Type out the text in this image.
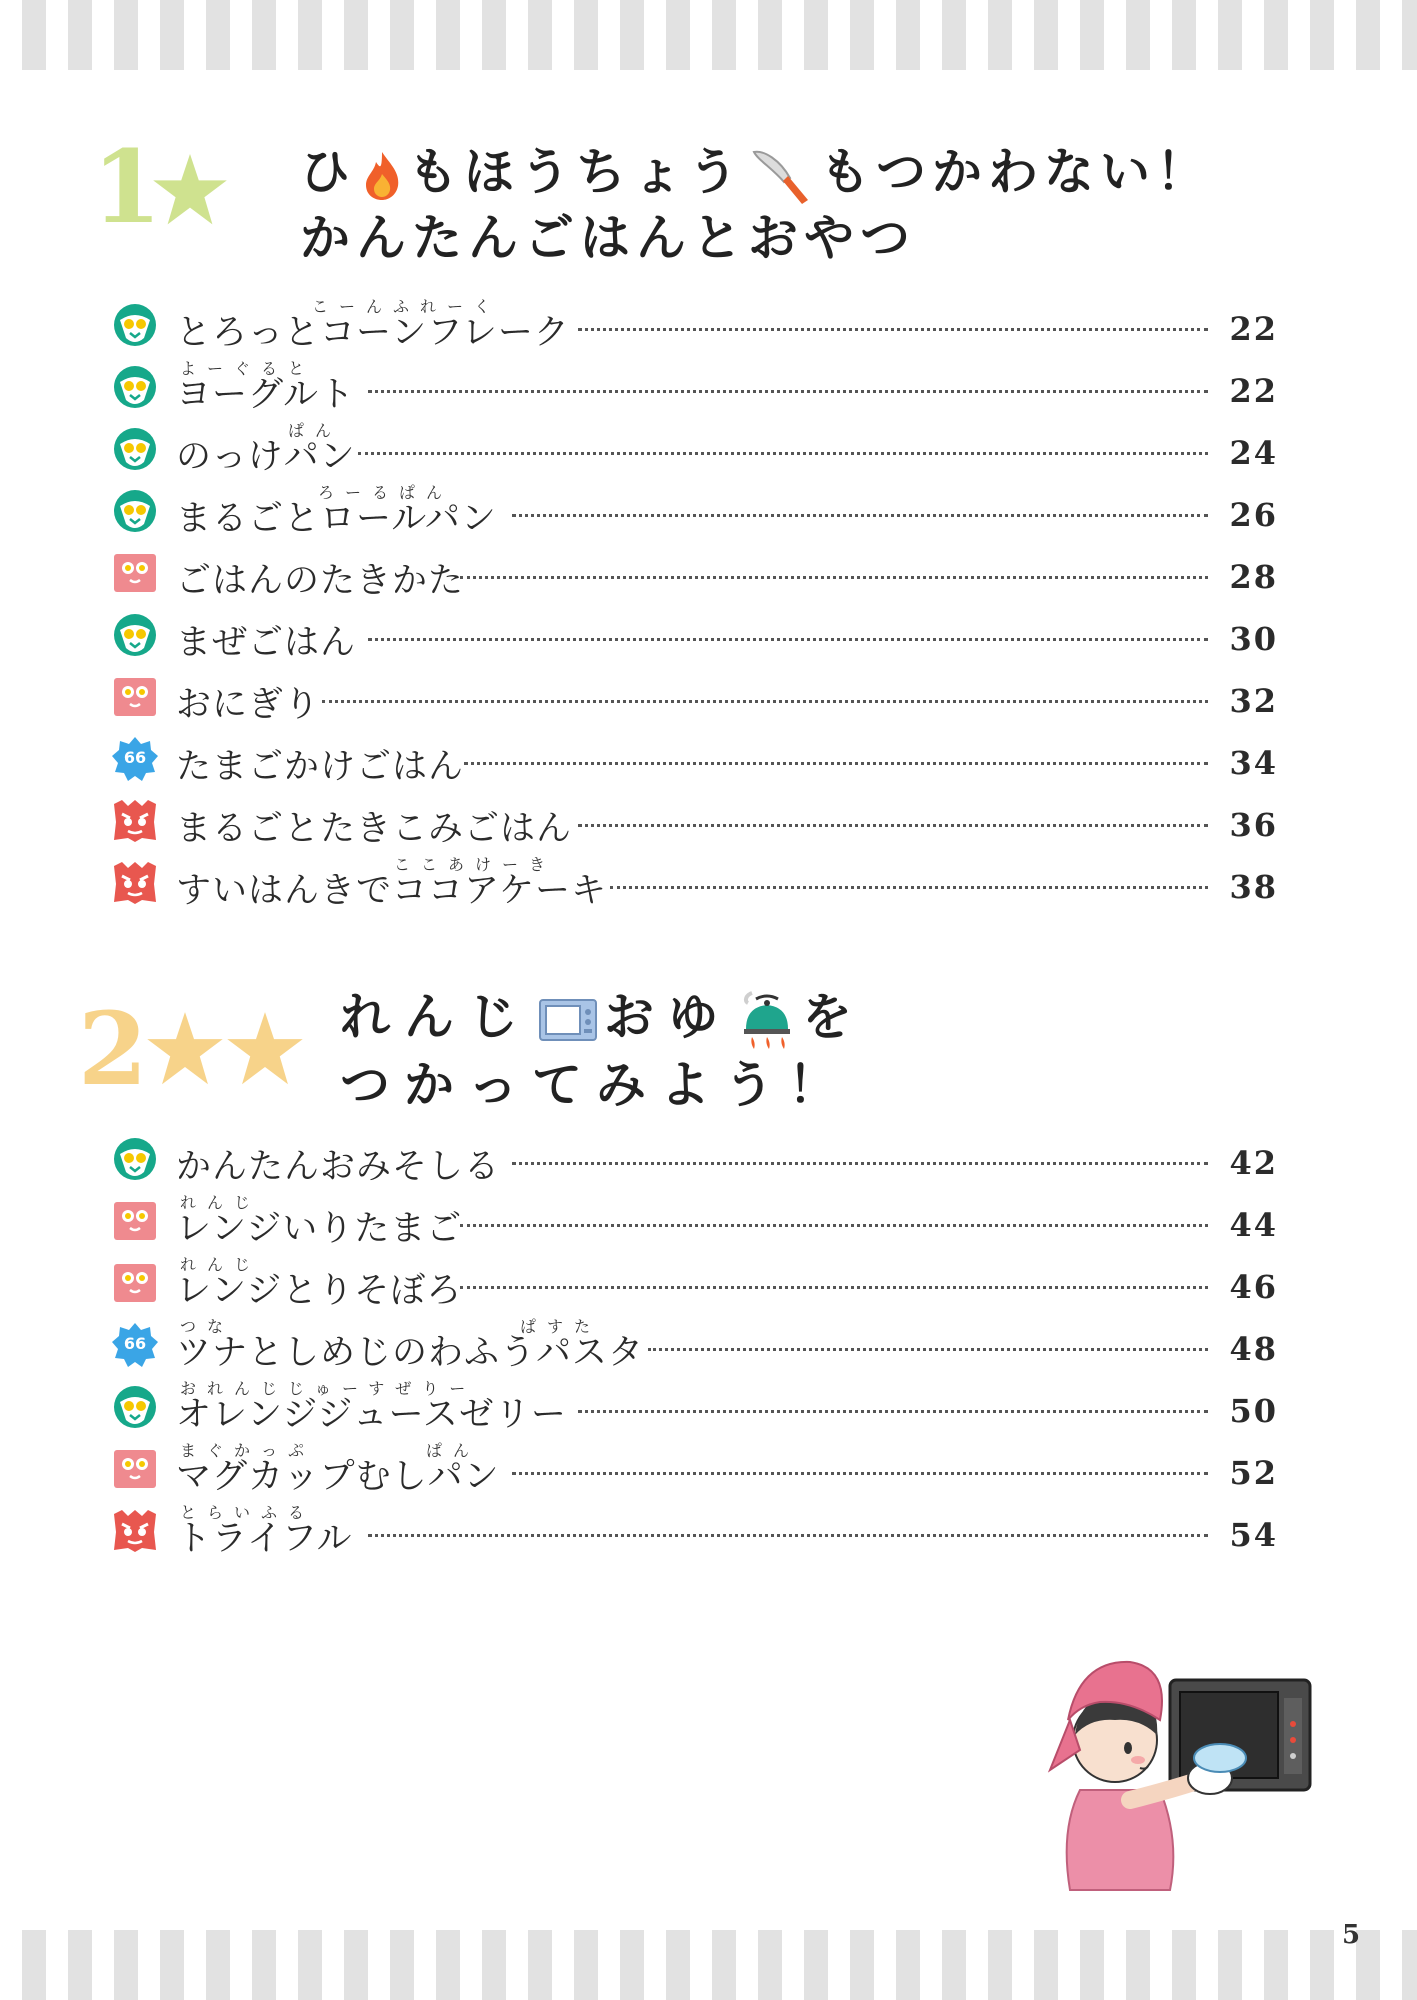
1	ひ もほうちょう もつかわない！
かんたんごはんとおやつ
こーんふれーく
とろっとコーンフレーク	22
よーぐると
ヨーグルト	22
ぱん
のっけパン	24
ろーるぱん
まるごとロールパン	26
ごはんのたきかた	28
まぜごはん	30
おにぎり	32
66 たまごかけごはん	34
まるごとたきこみごはん	36
ここあけーき
すいはんきでココアケーキ	38
2	れんじ おゆ を
つかってみよう！
かんたんおみそしる	42
れんじ
レンジいりたまご	44
れんじ
レンジとりそぼろ	46
66
つな	ぱすた
ツナとしめじのわふうパスタ	48
おれんじじゅーすぜりー
オレンジジュースゼリー	50
まぐかっぷ	ぱん
マグカップむしパン	52
とらいふる
トライフル	54
5
